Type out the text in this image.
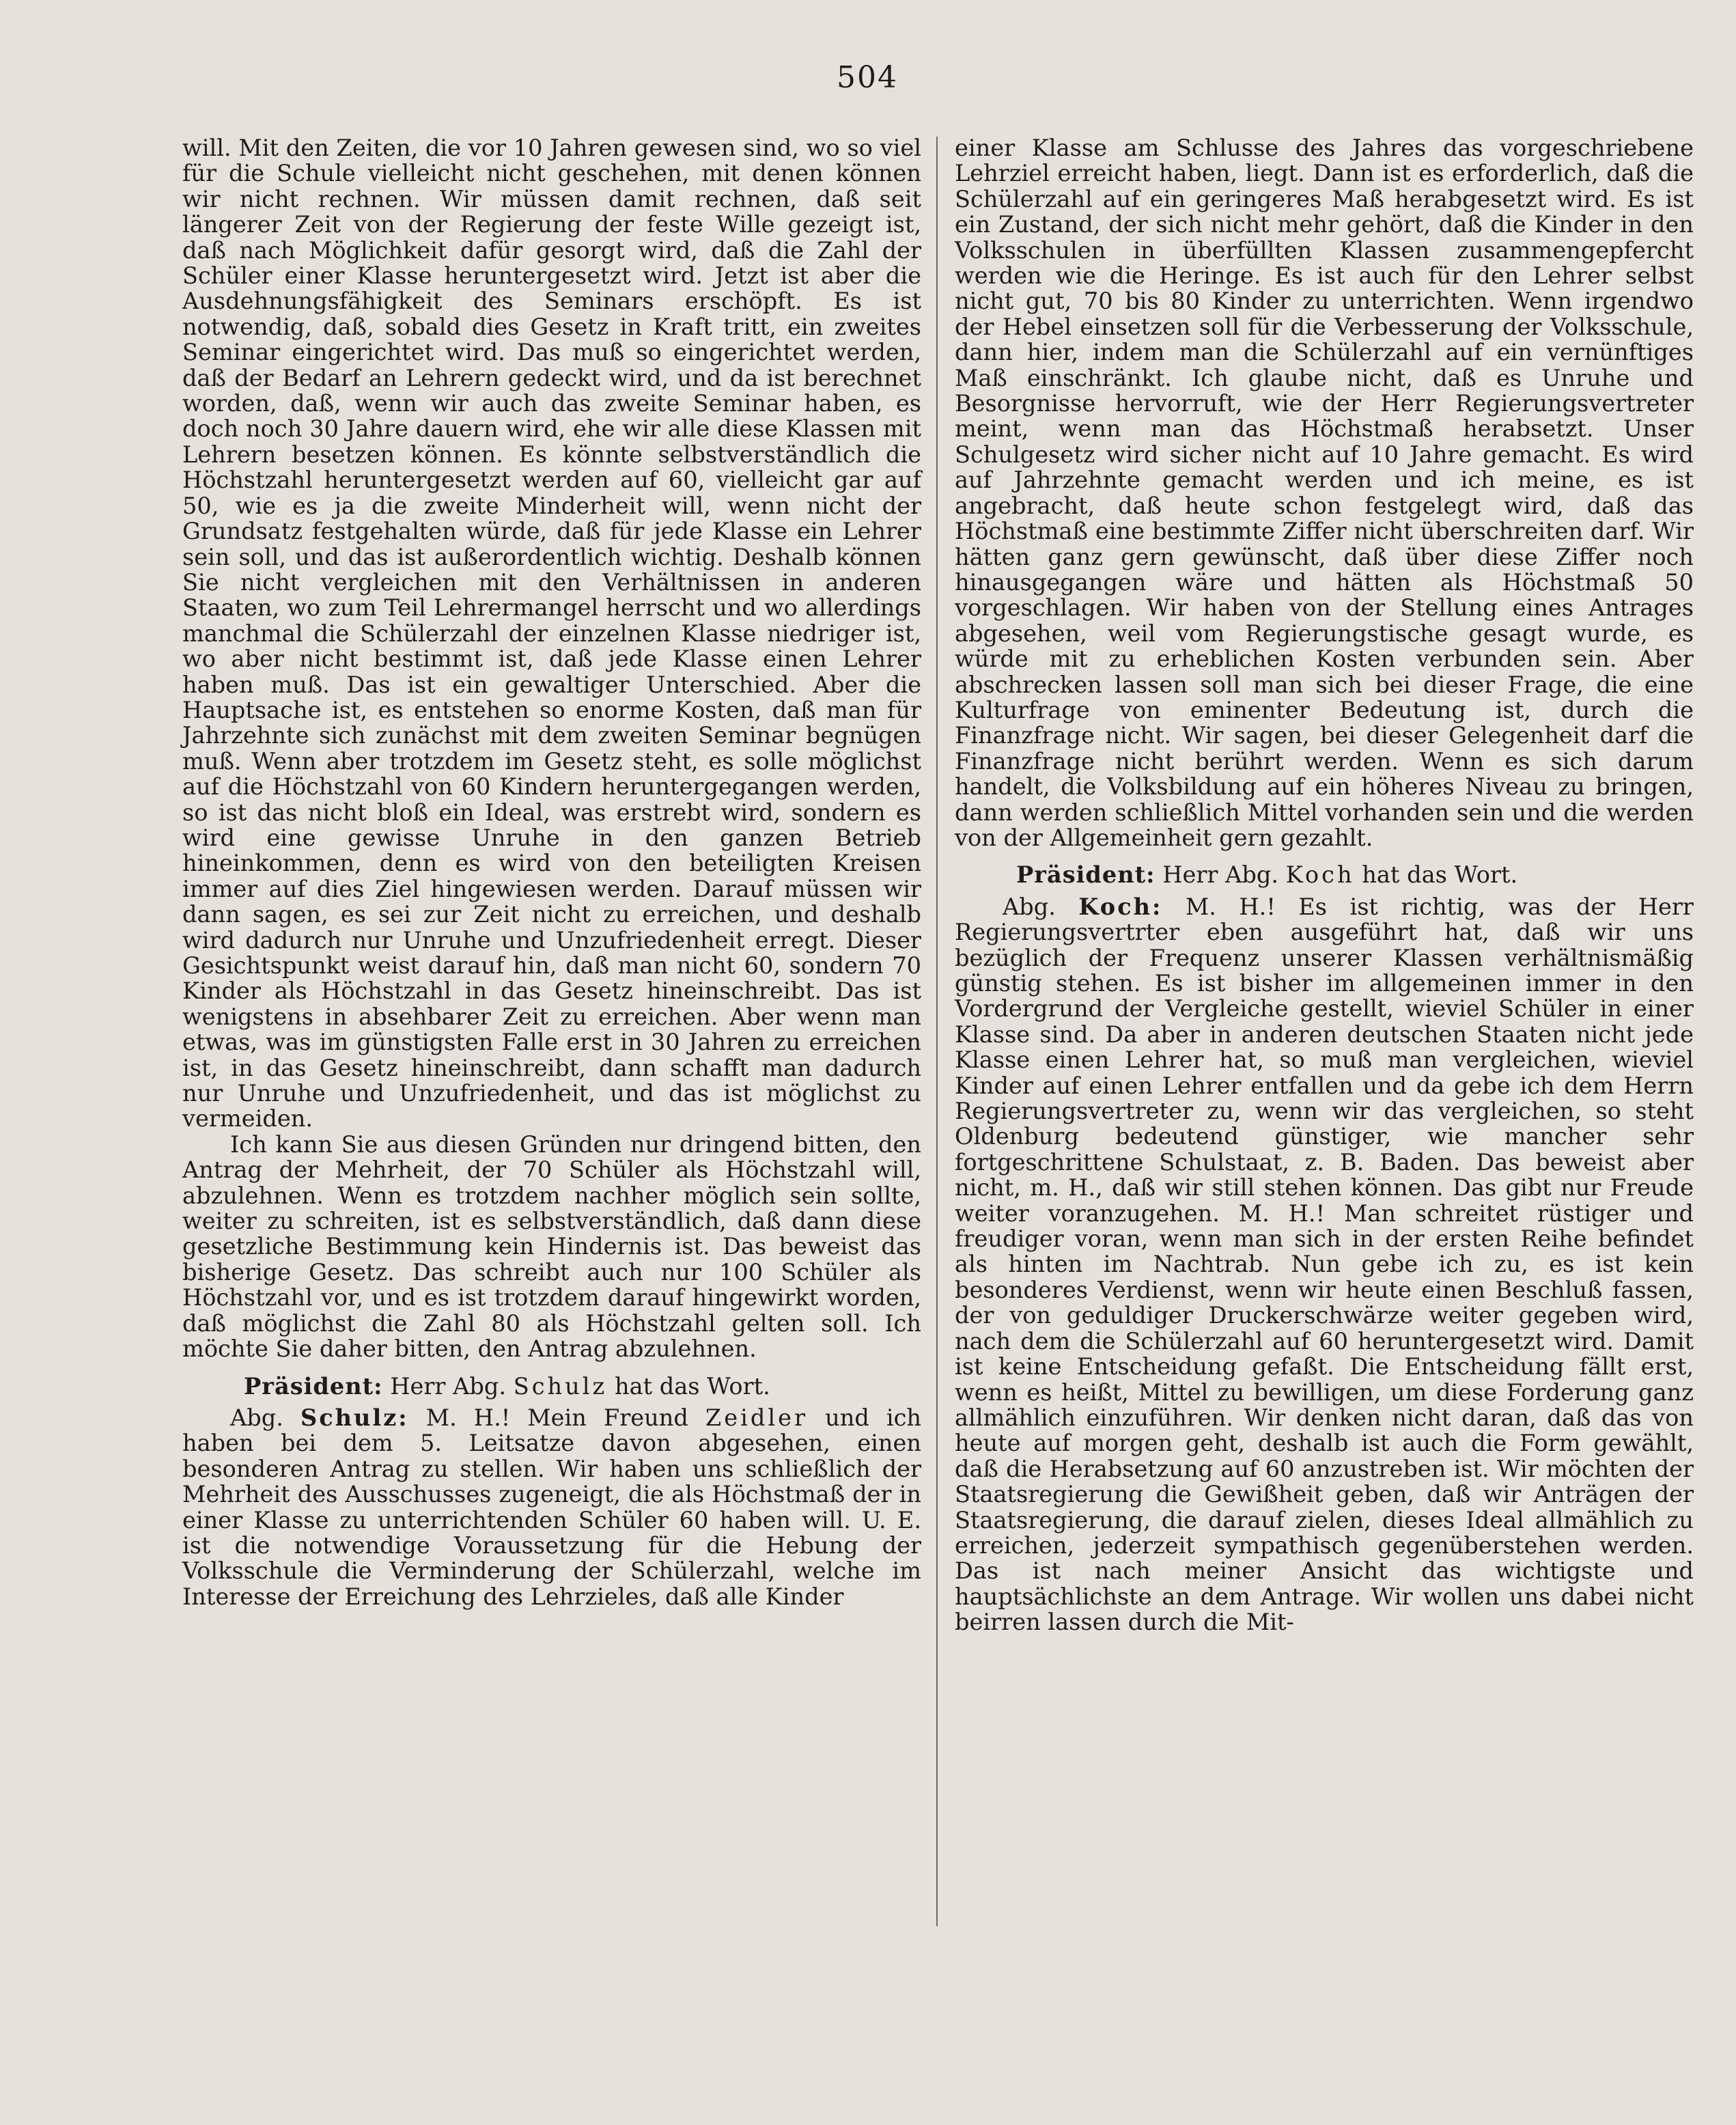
504

will. Mit den Zeiten, die vor 10 Jahren gewesen sind, wo so viel für die Schule vielleicht nicht geschehen, mit denen können wir nicht rechnen. Wir müssen damit rechnen, daß seit längerer Zeit von der Regierung der feste Wille gezeigt ist, daß nach Möglichkeit dafür gesorgt wird, daß die Zahl der Schüler einer Klasse heruntergesetzt wird. Jetzt ist aber die Ausdehnungsfähigkeit des Seminars erschöpft. Es ist notwendig, daß, sobald dies Gesetz in Kraft tritt, ein zweites Seminar eingerichtet wird. Das muß so eingerichtet werden, daß der Bedarf an Lehrern gedeckt wird, und da ist berechnet worden, daß, wenn wir auch das zweite Seminar haben, es doch noch 30 Jahre dauern wird, ehe wir alle diese Klassen mit Lehrern besetzen können. Es könnte selbstverständlich die Höchstzahl heruntergesetzt werden auf 60, vielleicht gar auf 50, wie es ja die zweite Minderheit will, wenn nicht der Grundsatz festgehalten würde, daß für jede Klasse ein Lehrer sein soll, und das ist außerordentlich wichtig. Deshalb können Sie nicht vergleichen mit den Verhältnissen in anderen Staaten, wo zum Teil Lehrermangel herrscht und wo allerdings manchmal die Schülerzahl der einzelnen Klasse niedriger ist, wo aber nicht bestimmt ist, daß jede Klasse einen Lehrer haben muß. Das ist ein gewaltiger Unterschied. Aber die Hauptsache ist, es entstehen so enorme Kosten, daß man für Jahrzehnte sich zunächst mit dem zweiten Seminar begnügen muß. Wenn aber trotzdem im Gesetz steht, es solle möglichst auf die Höchstzahl von 60 Kindern heruntergegangen werden, so ist das nicht bloß ein Ideal, was erstrebt wird, sondern es wird eine gewisse Unruhe in den ganzen Betrieb hineinkommen, denn es wird von den beteiligten Kreisen immer auf dies Ziel hingewiesen werden. Darauf müssen wir dann sagen, es sei zur Zeit nicht zu erreichen, und deshalb wird dadurch nur Unruhe und Unzufriedenheit erregt. Dieser Gesichtspunkt weist darauf hin, daß man nicht 60, sondern 70 Kinder als Höchstzahl in das Gesetz hineinschreibt. Das ist wenigstens in absehbarer Zeit zu erreichen. Aber wenn man etwas, was im günstigsten Falle erst in 30 Jahren zu erreichen ist, in das Gesetz hineinschreibt, dann schafft man dadurch nur Unruhe und Unzufriedenheit, und das ist möglichst zu vermeiden.

Ich kann Sie aus diesen Gründen nur dringend bitten, den Antrag der Mehrheit, der 70 Schüler als Höchstzahl will, abzulehnen. Wenn es trotzdem nachher möglich sein sollte, weiter zu schreiten, ist es selbstverständlich, daß dann diese gesetzliche Bestimmung kein Hindernis ist. Das beweist das bisherige Gesetz. Das schreibt auch nur 100 Schüler als Höchstzahl vor, und es ist trotzdem darauf hingewirkt worden, daß möglichst die Zahl 80 als Höchstzahl gelten soll. Ich möchte Sie daher bitten, den Antrag abzulehnen.

Präsident: Herr Abg. Schulz hat das Wort.

Abg. Schulz: M. H.! Mein Freund Zeidler und ich haben bei dem 5. Leitsatze davon abgesehen, einen besonderen Antrag zu stellen. Wir haben uns schließlich der Mehrheit des Ausschusses zugeneigt, die als Höchstmaß der in einer Klasse zu unterrichtenden Schüler 60 haben will. U. E. ist die notwendige Voraussetzung für die Hebung der Volksschule die Verminderung der Schülerzahl, welche im Interesse der Erreichung des Lehrzieles, daß alle Kinder

einer Klasse am Schlusse des Jahres das vorgeschriebene Lehrziel erreicht haben, liegt. Dann ist es erforderlich, daß die Schülerzahl auf ein geringeres Maß herabgesetzt wird. Es ist ein Zustand, der sich nicht mehr gehört, daß die Kinder in den Volksschulen in überfüllten Klassen zusammengepfercht werden wie die Heringe. Es ist auch für den Lehrer selbst nicht gut, 70 bis 80 Kinder zu unterrichten. Wenn irgendwo der Hebel einsetzen soll für die Verbesserung der Volksschule, dann hier, indem man die Schülerzahl auf ein vernünftiges Maß einschränkt. Ich glaube nicht, daß es Unruhe und Besorgnisse hervorruft, wie der Herr Regierungsvertreter meint, wenn man das Höchstmaß herabsetzt. Unser Schulgesetz wird sicher nicht auf 10 Jahre gemacht. Es wird auf Jahrzehnte gemacht werden und ich meine, es ist angebracht, daß heute schon festgelegt wird, daß das Höchstmaß eine bestimmte Ziffer nicht überschreiten darf. Wir hätten ganz gern gewünscht, daß über diese Ziffer noch hinausgegangen wäre und hätten als Höchstmaß 50 vorgeschlagen. Wir haben von der Stellung eines Antrages abgesehen, weil vom Regierungstische gesagt wurde, es würde mit zu erheblichen Kosten verbunden sein. Aber abschrecken lassen soll man sich bei dieser Frage, die eine Kulturfrage von eminenter Bedeutung ist, durch die Finanzfrage nicht. Wir sagen, bei dieser Gelegenheit darf die Finanzfrage nicht berührt werden. Wenn es sich darum handelt, die Volksbildung auf ein höheres Niveau zu bringen, dann werden schließlich Mittel vorhanden sein und die werden von der Allgemeinheit gern gezahlt.

Präsident: Herr Abg. Koch hat das Wort.

Abg. Koch: M. H.! Es ist richtig, was der Herr Regierungsvertrter eben ausgeführt hat, daß wir uns bezüglich der Frequenz unserer Klassen verhältnismäßig günstig stehen. Es ist bisher im allgemeinen immer in den Vordergrund der Vergleiche gestellt, wieviel Schüler in einer Klasse sind. Da aber in anderen deutschen Staaten nicht jede Klasse einen Lehrer hat, so muß man vergleichen, wieviel Kinder auf einen Lehrer entfallen und da gebe ich dem Herrn Regierungsvertreter zu, wenn wir das vergleichen, so steht Oldenburg bedeutend günstiger, wie mancher sehr fortgeschrittene Schulstaat, z. B. Baden. Das beweist aber nicht, m. H., daß wir still stehen können. Das gibt nur Freude weiter voranzugehen. M. H.! Man schreitet rüstiger und freudiger voran, wenn man sich in der ersten Reihe befindet als hinten im Nachtrab. Nun gebe ich zu, es ist kein besonderes Verdienst, wenn wir heute einen Beschluß fassen, der von geduldiger Druckerschwärze weiter gegeben wird, nach dem die Schülerzahl auf 60 heruntergesetzt wird. Damit ist keine Entscheidung gefaßt. Die Entscheidung fällt erst, wenn es heißt, Mittel zu bewilligen, um diese Forderung ganz allmählich einzuführen. Wir denken nicht daran, daß das von heute auf morgen geht, deshalb ist auch die Form gewählt, daß die Herabsetzung auf 60 anzustreben ist. Wir möchten der Staatsregierung die Gewißheit geben, daß wir Anträgen der Staatsregierung, die darauf zielen, dieses Ideal allmählich zu erreichen, jederzeit sympathisch gegenüberstehen werden. Das ist nach meiner Ansicht das wichtigste und hauptsächlichste an dem Antrage. Wir wollen uns dabei nicht beirren lassen durch die Mit-
